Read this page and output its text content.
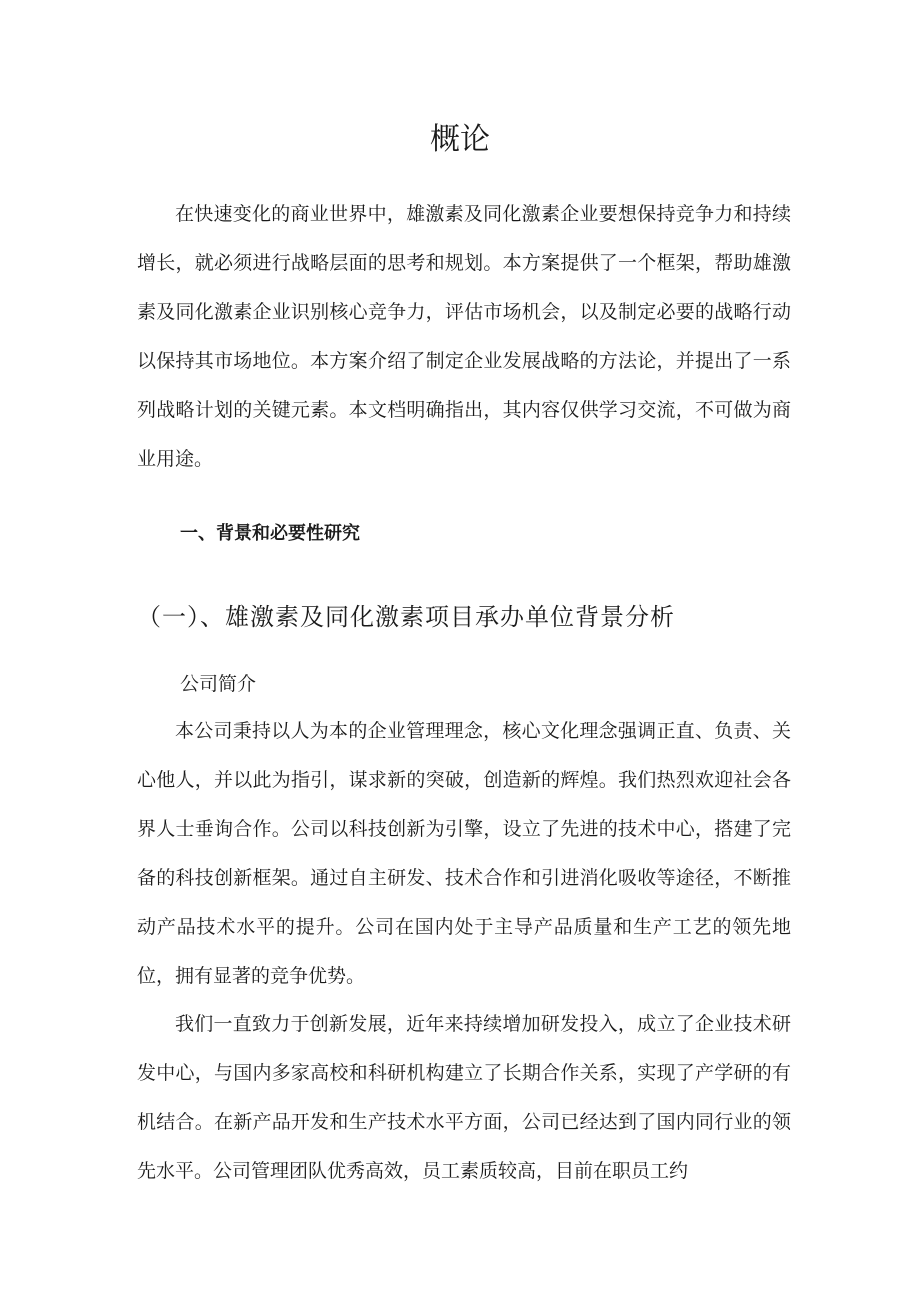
概论

在快速变化的商业世界中，雄激素及同化激素企业要想保持竞争力和持续增长，就必须进行战略层面的思考和规划。本方案提供了一个框架，帮助雄激素及同化激素企业识别核心竞争力，评估市场机会，以及制定必要的战略行动以保持其市场地位。本方案介绍了制定企业发展战略的方法论，并提出了一系列战略计划的关键元素。本文档明确指出，其内容仅供学习交流，不可做为商业用途。

一、背景和必要性研究
（一）、雄激素及同化激素项目承办单位背景分析

公司简介

本公司秉持以人为本的企业管理理念，核心文化理念强调正直、负责、关心他人，并以此为指引，谋求新的突破，创造新的辉煌。我们热烈欢迎社会各界人士垂询合作。公司以科技创新为引擎，设立了先进的技术中心，搭建了完备的科技创新框架。通过自主研发、技术合作和引进消化吸收等途径，不断推动产品技术水平的提升。公司在国内处于主导产品质量和生产工艺的领先地位，拥有显著的竞争优势。

我们一直致力于创新发展，近年来持续增加研发投入，成立了企业技术研发中心，与国内多家高校和科研机构建立了长期合作关系，实现了产学研的有机结合。在新产品开发和生产技术水平方面，公司已经达到了国内同行业的领先水平。公司管理团队优秀高效，员工素质较高，目前在职员工约
